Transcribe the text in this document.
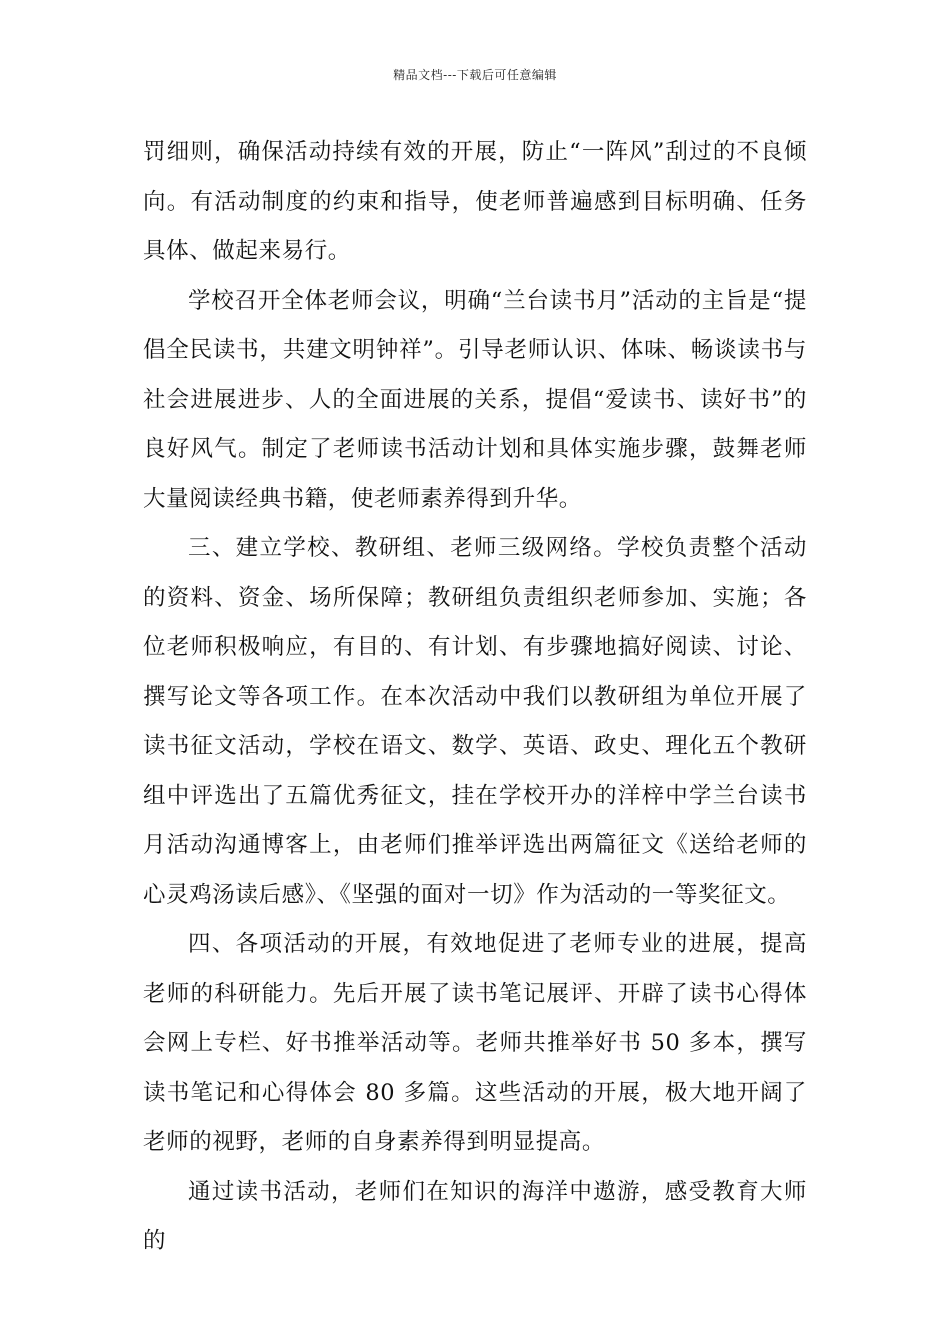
精品文档---下载后可任意编辑

罚细则，确保活动持续有效的开展，防止“一阵风”刮过的不良倾向。有活动制度的约束和指导，使老师普遍感到目标明确、任务具体、做起来易行。

学校召开全体老师会议，明确“兰台读书月”活动的主旨是“提倡全民读书，共建文明钟祥”。引导老师认识、体味、畅谈读书与社会进展进步、人的全面进展的关系，提倡“爱读书、读好书”的良好风气。制定了老师读书活动计划和具体实施步骤，鼓舞老师大量阅读经典书籍，使老师素养得到升华。

三、建立学校、教研组、老师三级网络。学校负责整个活动的资料、资金、场所保障；教研组负责组织老师参加、实施；各位老师积极响应，有目的、有计划、有步骤地搞好阅读、讨论、撰写论文等各项工作。在本次活动中我们以教研组为单位开展了读书征文活动，学校在语文、数学、英语、政史、理化五个教研组中评选出了五篇优秀征文，挂在学校开办的洋梓中学兰台读书月活动沟通博客上，由老师们推举评选出两篇征文《送给老师的心灵鸡汤读后感》、《坚强的面对一切》作为活动的一等奖征文。

四、各项活动的开展，有效地促进了老师专业的进展，提高老师的科研能力。先后开展了读书笔记展评、开辟了读书心得体会网上专栏、好书推举活动等。老师共推举好书 50 多本，撰写读书笔记和心得体会 80 多篇。这些活动的开展，极大地开阔了老师的视野，老师的自身素养得到明显提高。

通过读书活动，老师们在知识的海洋中遨游，感受教育大师的
